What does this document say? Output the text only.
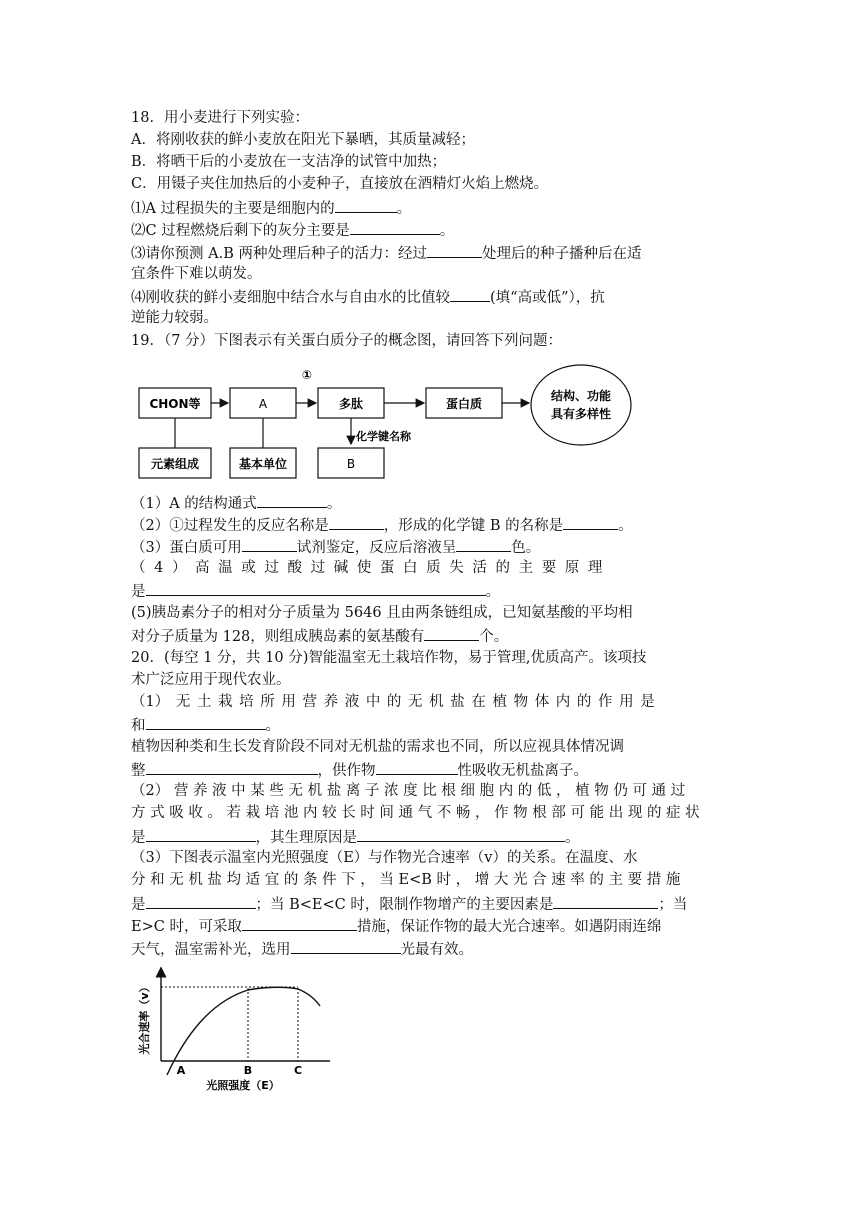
18．用小麦进行下列实验：
A．将刚收获的鲜小麦放在阳光下暴晒，其质量减轻；
B．将晒干后的小麦放在一支洁净的试管中加热；
C．用镊子夹住加热后的小麦种子，直接放在酒精灯火焰上燃烧。
⑴A 过程损失的主要是细胞内的	。
⑵C 过程燃烧后剩下的灰分主要是	。
⑶请你预测 A.B 两种处理后种子的活力：经过	处理后的种子播种后在适
宜条件下难以萌发。
⑷刚收获的鲜小麦细胞中结合水与自由水的比值较	(填“高或低”），抗
逆能力较弱。
19．（7 分）下图表示有关蛋白质分子的概念图，请回答下列问题：
CHON等	A	多肽	蛋白质
结构、功能
具有多样性
①
元素组成	基本单位
化学键名称
B
（1）A 的结构通式	。
（2）①过程发生的反应名称是	，形成的化学键 B 的名称是	。
（3）蛋白质可用	试剂鉴定，反应后溶液呈	色。
（ 4 ） 高 温 或 过 酸 过 碱 使 蛋 白 质 失 活 的 主 要 原 理
是	。
(5)胰岛素分子的相对分子质量为 5646 且由两条链组成，已知氨基酸的平均相
对分子质量为 128，则组成胰岛素的氨基酸有	个。
20．(每空 1 分，共 10 分)智能温室无土栽培作物，易于管理,优质高产。该项技
术广泛应用于现代农业。
（1） 无 土 栽 培 所 用 营 养 液 中 的 无 机 盐 在 植 物 体 内 的 作 用 是
和	。
植物因种类和生长发育阶段不同对无机盐的需求也不同，所以应视具体情况调
整	，供作物	性吸收无机盐离子。
（2） 营 养 液 中 某 些 无 机 盐 离 子 浓 度 比 根 细 胞 内 的 低 ， 植 物 仍 可 通 过
方 式 吸 收 。 若 栽 培 池 内 较 长 时 间 通 气 不 畅 ， 作 物 根 部 可 能 出 现 的 症 状
是	，其生理原因是	。
（3）下图表示温室内光照强度（E）与作物光合速率（v）的关系。在温度、水
分 和 无 机 盐 均 适 宜 的 条 件 下 ， 当 E<B 时 ， 增 大 光 合 速 率 的 主 要 措 施
是	；当 B<E<C 时，限制作物增产的主要因素是	；当
E>C 时，可采取	措施，保证作物的最大光合速率。如遇阴雨连绵
天气，温室需补光，选用	光最有效。
A	B	C
光照强度（E）
光合速率（v）
